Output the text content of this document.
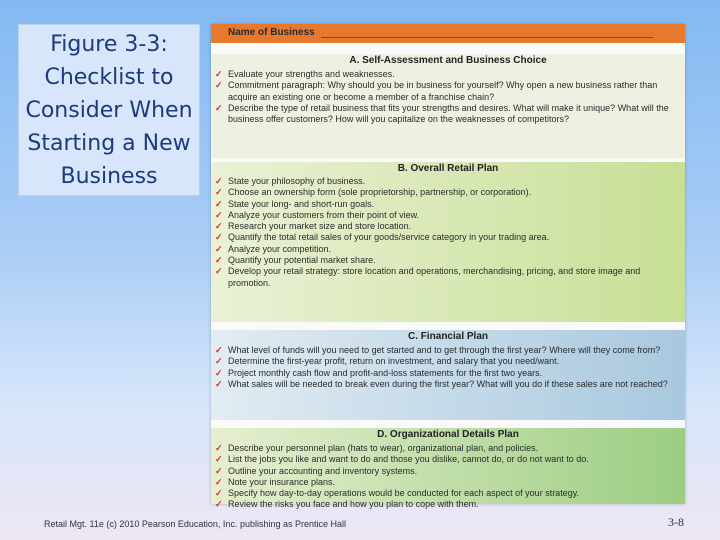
Figure 3-3: Checklist to Consider When Starting a New Business
Name of Business
A. Self-Assessment and Business Choice
✓ Evaluate your strengths and weaknesses.
✓ Commitment paragraph: Why should you be in business for yourself? Why open a new business rather than acquire an existing one or become a member of a franchise chain?
✓ Describe the type of retail business that fits your strengths and desires. What will make it unique? What will the business offer customers? How will you capitalize on the weaknesses of competitors?
B. Overall Retail Plan
✓ State your philosophy of business.
✓ Choose an ownership form (sole proprietorship, partnership, or corporation).
✓ State your long- and short-run goals.
✓ Analyze your customers from their point of view.
✓ Research your market size and store location.
✓ Quantify the total retail sales of your goods/service category in your trading area.
✓ Analyze your competition.
✓ Quantify your potential market share.
✓ Develop your retail strategy: store location and operations, merchandising, pricing, and store image and promotion.
C. Financial Plan
✓ What level of funds will you need to get started and to get through the first year? Where will they come from?
✓ Determine the first-year profit, return on investment, and salary that you need/want.
✓ Project monthly cash flow and profit-and-loss statements for the first two years.
✓ What sales will be needed to break even during the first year? What will you do if these sales are not reached?
D. Organizational Details Plan
✓ Describe your personnel plan (hats to wear), organizational plan, and policies.
✓ List the jobs you like and want to do and those you dislike, cannot do, or do not want to do.
✓ Outline your accounting and inventory systems.
✓ Note your insurance plans.
✓ Specify how day-to-day operations would be conducted for each aspect of your strategy.
✓ Review the risks you face and how you plan to cope with them.
Retail Mgt. 11e (c) 2010 Pearson Education, Inc. publishing as Prentice Hall	3-8
